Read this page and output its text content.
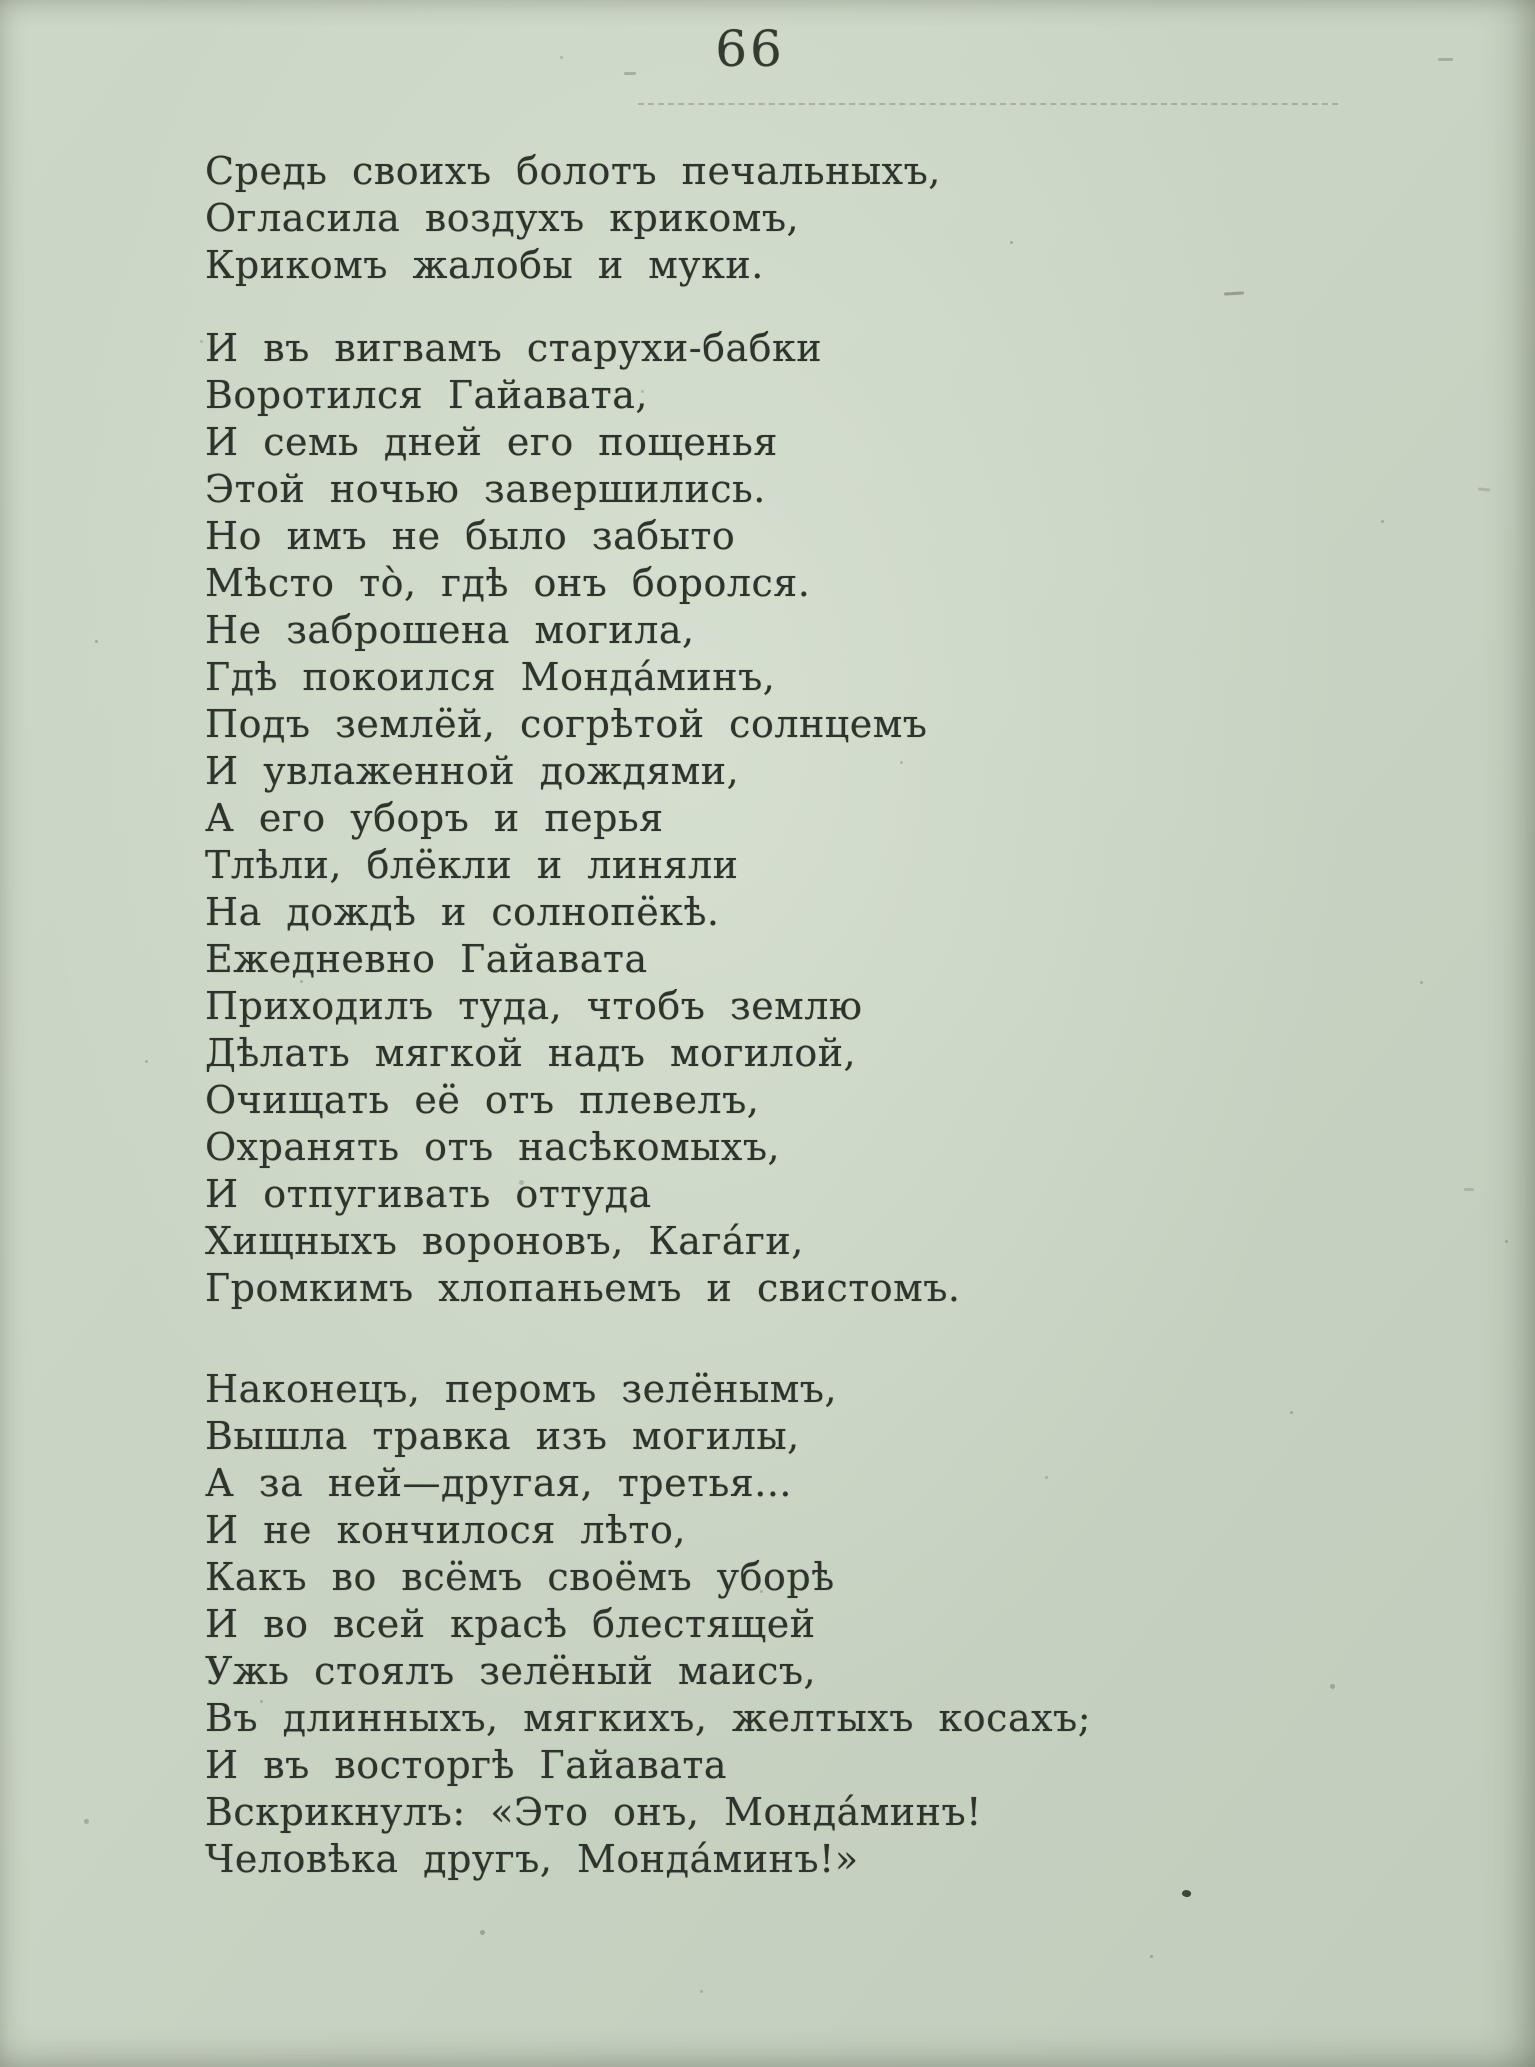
66
Средь своихъ болотъ печальныхъ,
Огласила воздухъ крикомъ,
Крикомъ жалобы и муки.
И въ вигвамъ старухи-бабки
Воротился Гайавата,
И семь дней его пощенья
Этой ночью завершились.
Но имъ не было забыто
Мѣсто то̀, гдѣ онъ боролся.
Не заброшена могила,
Гдѣ покоился Монда́минъ,
Подъ землёй, согрѣтой солнцемъ
И увлаженной дождями,
А его уборъ и перья
Тлѣли, блёкли и линяли
На дождѣ и солнопёкѣ.
Ежедневно Гайавата
Приходилъ туда, чтобъ землю
Дѣлать мягкой надъ могилой,
Очищать её отъ плевелъ,
Охранять отъ насѣкомыхъ,
И отпугивать оттуда
Хищныхъ вороновъ, Кага́ги,
Громкимъ хлопаньемъ и свистомъ.
Наконецъ, перомъ зелёнымъ,
Вышла травка изъ могилы,
А за ней—другая, третья...
И не кончилося лѣто,
Какъ во всёмъ своёмъ уборѣ
И во всей красѣ блестящей
Ужь стоялъ зелёный маисъ,
Въ длинныхъ, мягкихъ, желтыхъ косахъ;
И въ восторгѣ Гайавата
Вскрикнулъ: «Это онъ, Монда́минъ!
Человѣка другъ, Монда́минъ!»
